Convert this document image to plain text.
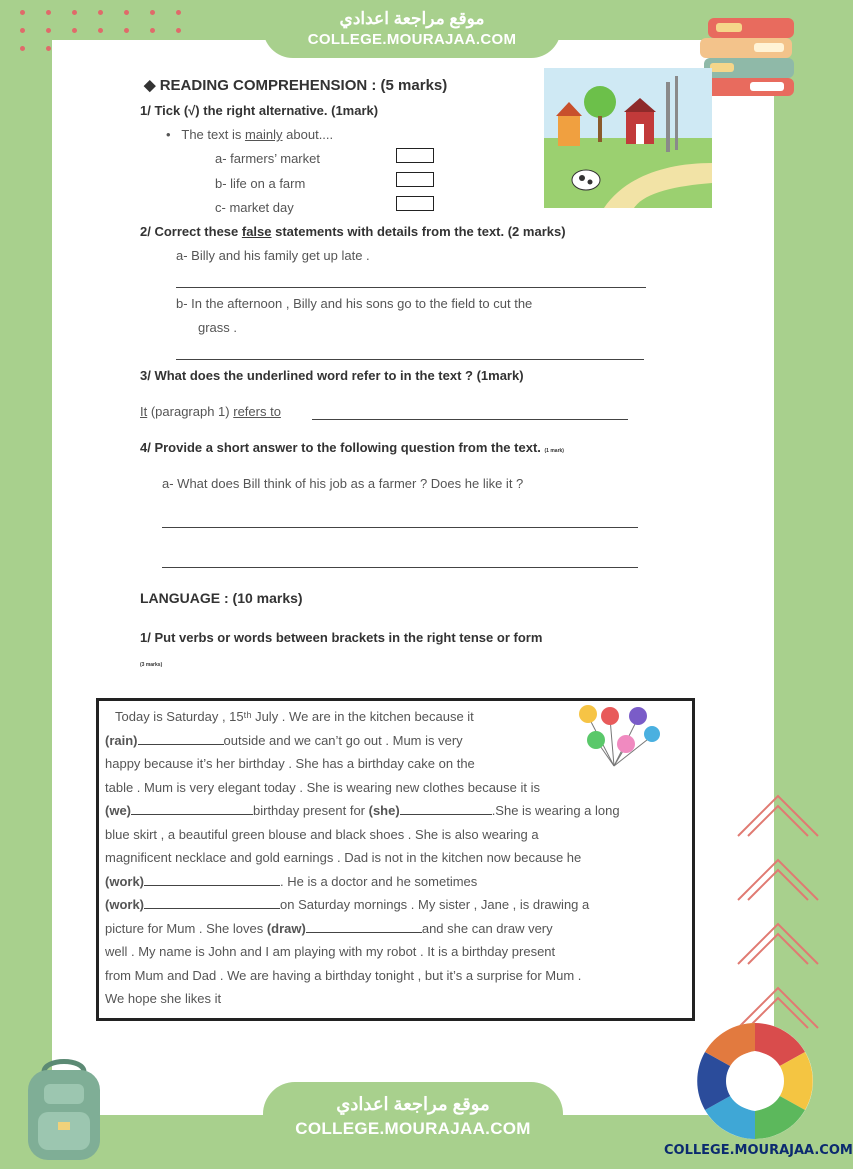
موقع مراجعة اعدادي
COLLEGE.MOURAJAA.COM
◆ READING COMPREHENSION : (5 marks)
1/ Tick (√) the right alternative. (1mark)
•   The text is mainly about....
a- farmers’ market
b- life on a farm
c- market day
2/ Correct these false statements with details from the text. (2 marks)
a- Billy and his family get up late .
b- In the afternoon , Billy and his sons go to the field to cut the
grass .
3/ What does the underlined word refer to in the text ? (1mark)
It (paragraph 1) refers to
4/ Provide a short answer to the following question from the text. (1 mark)
a- What does Bill think of his job as a farmer ? Does he like it ?
LANGUAGE : (10 marks)
1/ Put verbs or words between brackets in the right tense or form
(3 marks)
Today is Saturday , 15ᵗʰ July . We are in the kitchen because it
(rain)	outside and we can’t go out . Mum is very
happy because it’s her birthday . She has a birthday cake on the
table . Mum is very elegant today . She is wearing new clothes because it is
(we)	birthday present for (she)	.She is wearing a long
blue skirt , a beautiful green blouse and black shoes . She is also wearing a
magnificent necklace and gold earnings . Dad is not in the kitchen now because he
(work)	. He is a doctor and he sometimes
(work)	on Saturday mornings . My sister , Jane , is drawing a
picture for Mum . She loves (draw)	and she can draw very
well . My name is John and I am playing with my robot . It is a birthday present
from Mum and Dad . We are having a birthday tonight , but it’s a surprise for Mum .
We hope she likes it
موقع مراجعة اعدادي
COLLEGE.MOURAJAA.COM
COLLEGE.MOURAJAA.COM
